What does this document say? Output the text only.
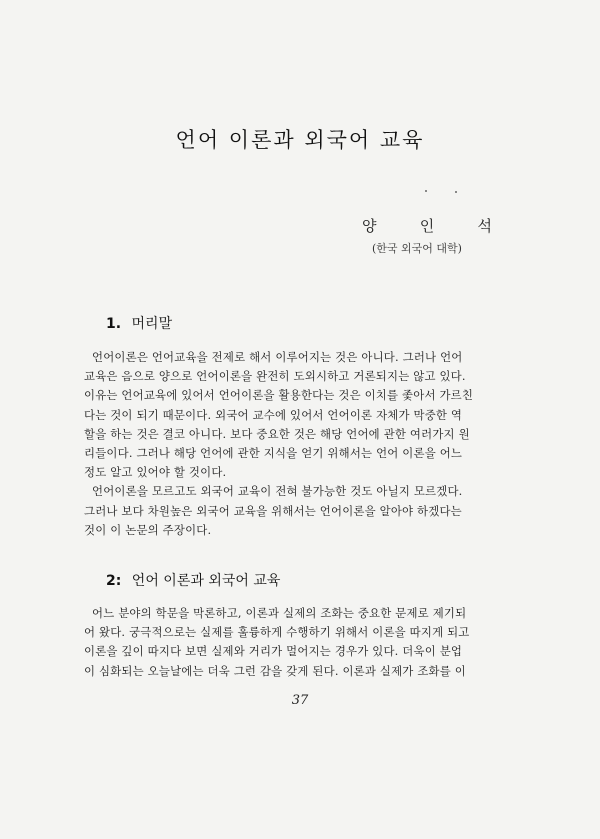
언어 이론과 외국어 교육
양	인	석
(한국 외국어 대학)
1. 머리말
언어이론은 언어교육을 전제로 해서 이루어지는 것은 아니다. 그러나 언어
교육은 음으로 양으로 언어이론을 완전히 도외시하고 거론되지는 않고 있다.
이유는 언어교육에 있어서 언어이론을 활용한다는 것은 이치를 좇아서 가르친
다는 것이 되기 때문이다. 외국어 교수에 있어서 언어이론 자체가 막중한 역
할을 하는 것은 결코 아니다. 보다 중요한 것은 해당 언어에 관한 여러가지 원
리들이다. 그러나 해당 언어에 관한 지식을 얻기 위해서는 언어 이론을 어느
정도 알고 있어야 할 것이다.
언어이론을 모르고도 외국어 교육이 전혀 불가능한 것도 아닐지 모르겠다.
그러나 보다 차원높은 외국어 교육을 위해서는 언어이론을 알아야 하겠다는
것이 이 논문의 주장이다.
2: 언어 이론과 외국어 교육
어느 분야의 학문을 막론하고, 이론과 실제의 조화는 중요한 문제로 제기되
어 왔다. 궁극적으로는 실제를 훌륭하게 수행하기 위해서 이론을 따지게 되고
이론을 깊이 따지다 보면 실제와 거리가 멀어지는 경우가 있다. 더욱이 분업
이 심화되는 오늘날에는 더욱 그런 감을 갖게 된다. 이론과 실제가 조화를 이
37
